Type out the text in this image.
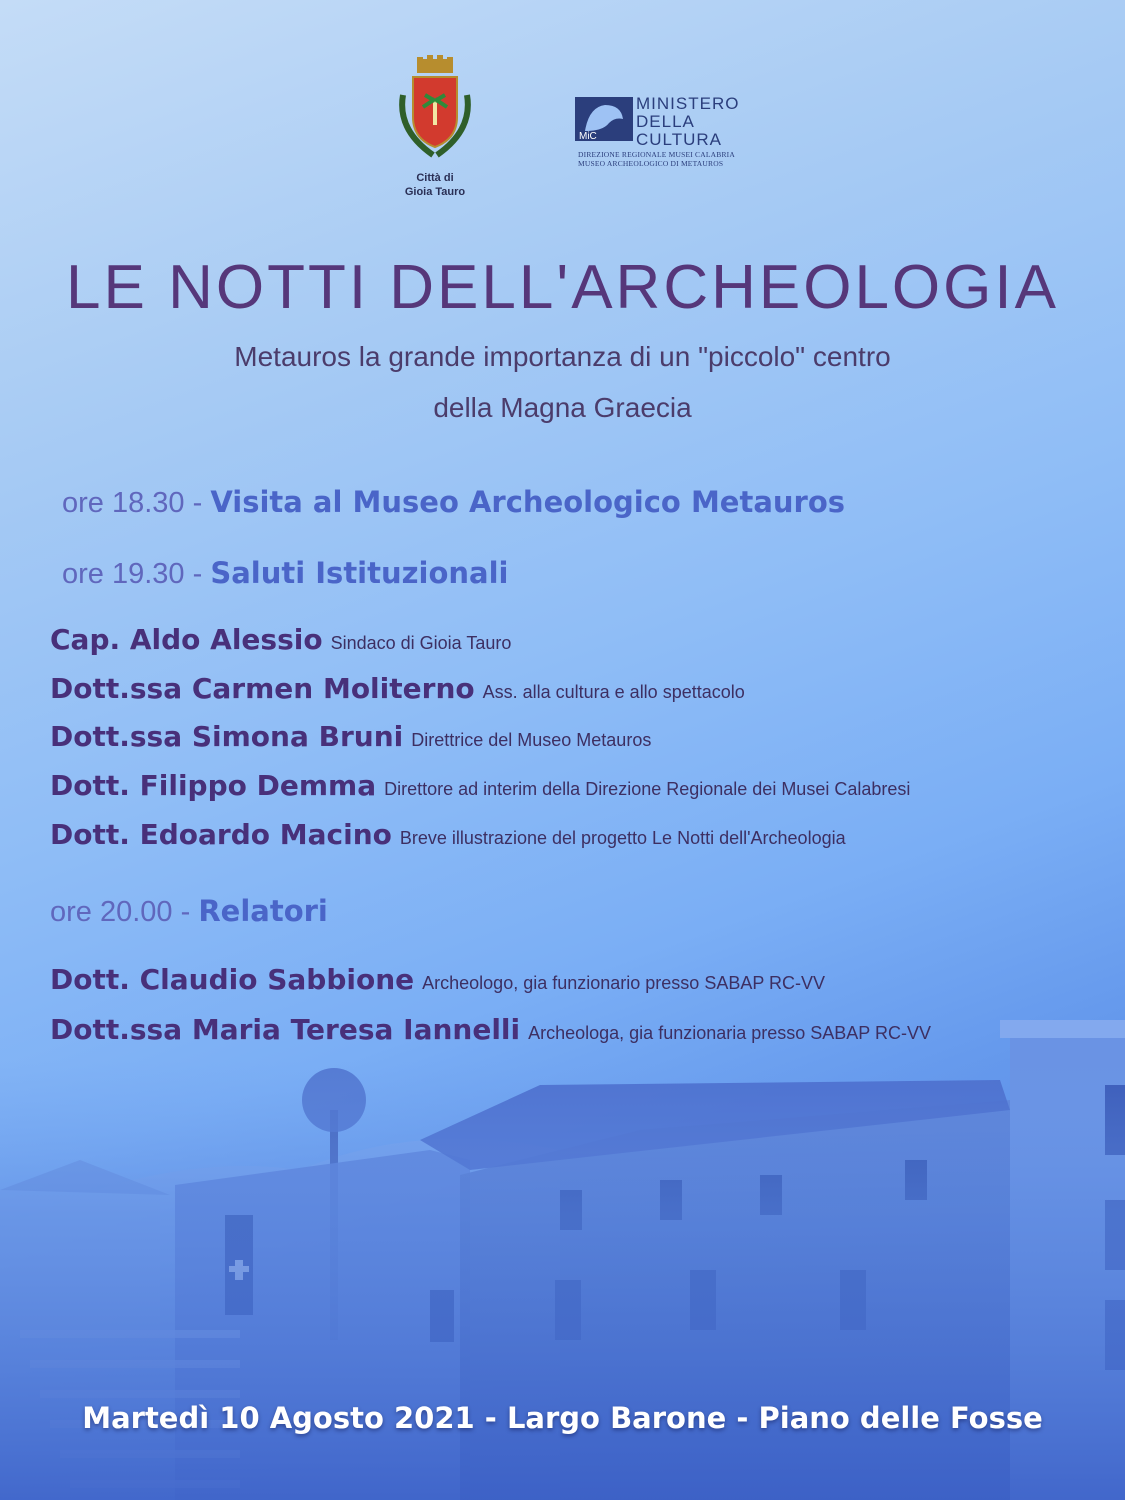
Città di
Gioia Tauro
MiC
MINISTERO
DELLA
CULTURA
DIREZIONE REGIONALE MUSEI CALABRIA
MUSEO ARCHEOLOGICO DI METAUROS
LE NOTTI DELL'ARCHEOLOGIA
Metauros la grande importanza di un "piccolo" centro
della Magna Graecia
ore 18.30 - Visita al Museo Archeologico Metauros
ore 19.30 - Saluti Istituzionali
Cap. Aldo Alessio Sindaco di Gioia Tauro
Dott.ssa Carmen Moliterno Ass. alla cultura e allo spettacolo
Dott.ssa Simona Bruni Direttrice del Museo Metauros
Dott. Filippo Demma Direttore ad interim della Direzione Regionale dei Musei Calabresi
Dott. Edoardo Macino Breve illustrazione del progetto Le Notti dell'Archeologia
ore 20.00 - Relatori
Dott. Claudio Sabbione Archeologo, gia funzionario presso SABAP RC-VV
Dott.ssa Maria Teresa Iannelli Archeologa, gia funzionaria presso SABAP RC-VV
Martedì 10 Agosto 2021 - Largo Barone - Piano delle Fosse
